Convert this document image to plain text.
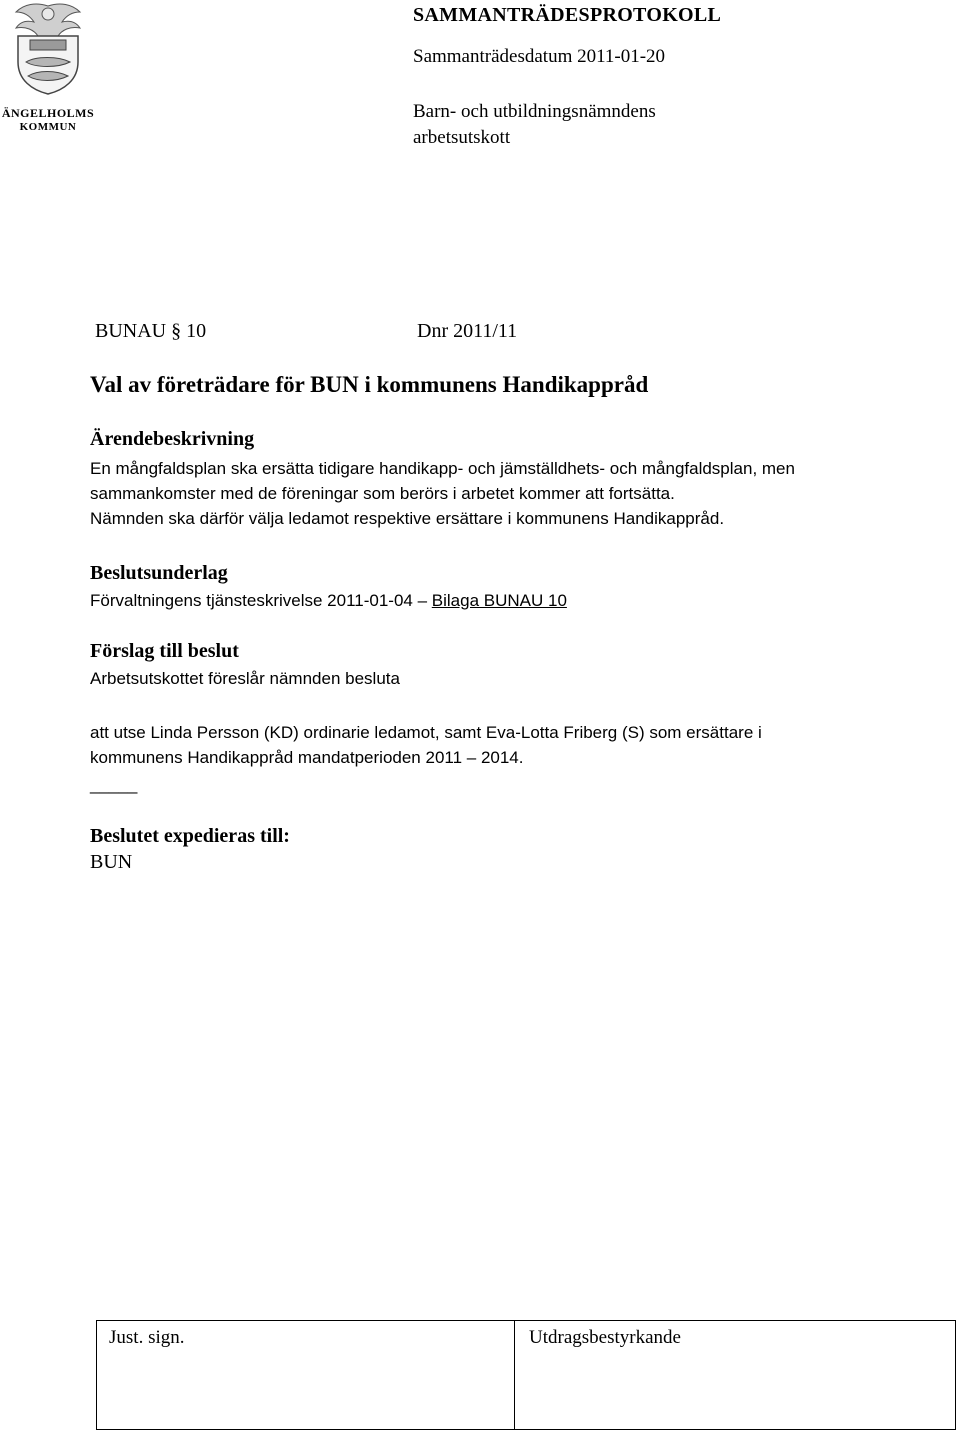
ÄNGELHOLMS
KOMMUN
SAMMANTRÄDESPROTOKOLL
Sammanträdesdatum 2011-01-20
Barn- och utbildningsnämndens
arbetsutskott
BUNAU § 10	Dnr 2011/11
Val av företrädare för BUN i kommunens Handikappråd
Ärendebeskrivning
En mångfaldsplan ska ersätta tidigare handikapp- och jämställdhets- och mångfaldsplan, men
sammankomster med de föreningar som berörs i arbetet kommer att fortsätta.
Nämnden ska därför välja ledamot respektive ersättare i kommunens Handikappråd.
Beslutsunderlag
Förvaltningens tjänsteskrivelse 2011-01-04 – Bilaga BUNAU 10
Förslag till beslut
Arbetsutskottet föreslår nämnden besluta
att utse Linda Persson (KD) ordinarie ledamot, samt Eva-Lotta Friberg (S) som ersättare i
kommunens Handikappråd mandatperioden 2011 – 2014.
_____
Beslutet expedieras till:
BUN
Just. sign.	Utdragsbestyrkande
